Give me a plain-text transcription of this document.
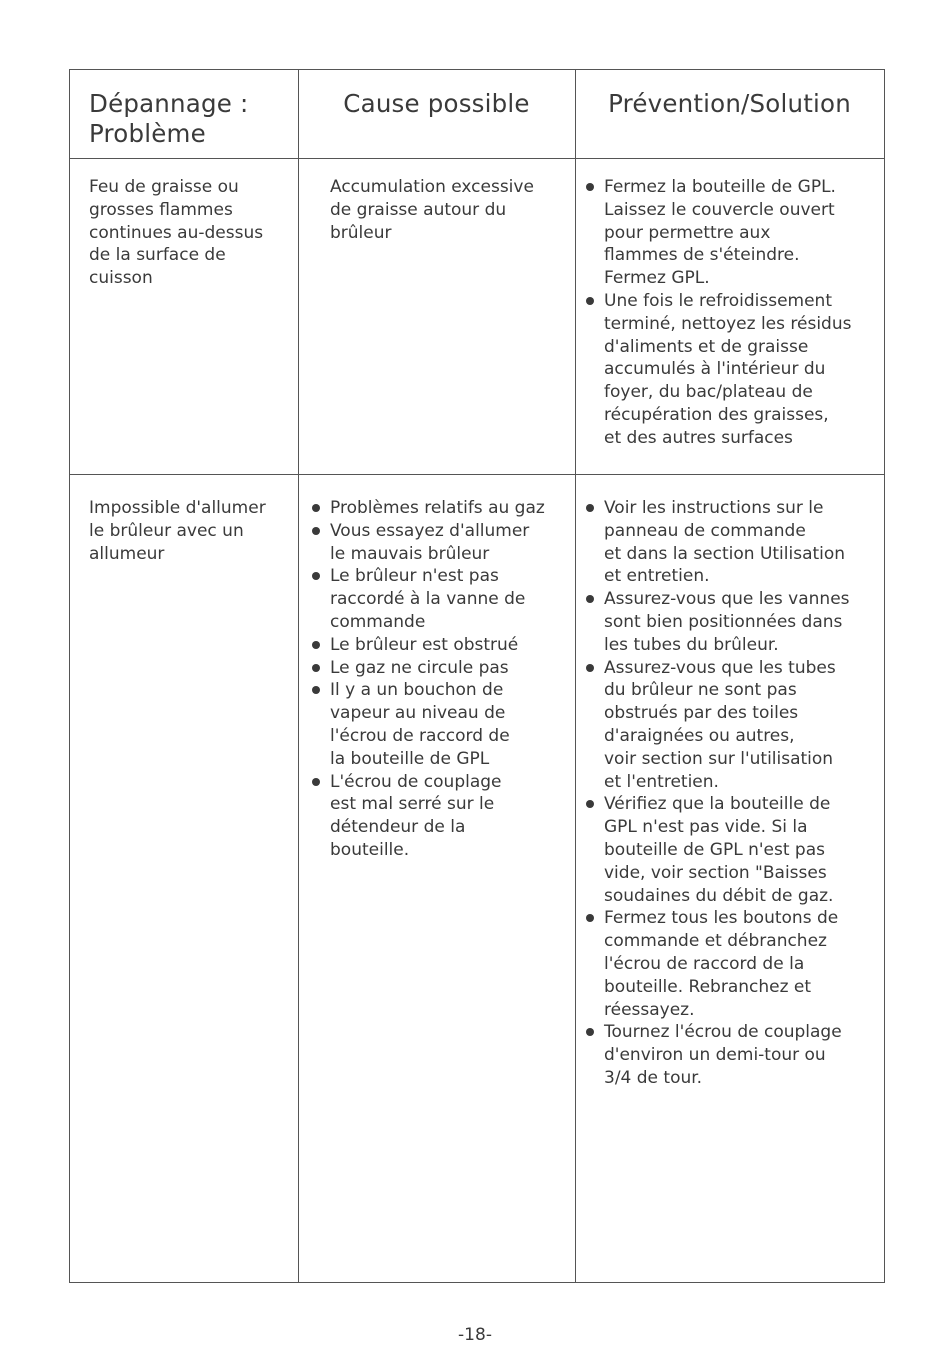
Dépannage :
Problème
Cause possible	Prévention/Solution
Feu de graisse ou
grosses flammes
continues au-dessus
de la surface de
cuisson
Accumulation excessive
de graisse autour du
brûleur
Fermez la bouteille de GPL.
Laissez le couvercle ouvert
pour permettre aux
flammes de s'éteindre.
Fermez GPL.
Une fois le refroidissement
terminé, nettoyez les résidus
d'aliments et de graisse
accumulés à l'intérieur du
foyer, du bac/plateau de
récupération des graisses,
et des autres surfaces
Impossible d'allumer
le brûleur avec un
allumeur
Problèmes relatifs au gaz
Vous essayez d'allumer
le mauvais brûleur
Le brûleur n'est pas
raccordé à la vanne de
commande
Le brûleur est obstrué
Le gaz ne circule pas
Il y a un bouchon de
vapeur au niveau de
l'écrou de raccord de
la bouteille de GPL
L'écrou de couplage
est mal serré sur le
détendeur de la
bouteille.
Voir les instructions sur le
panneau de commande
et dans la section Utilisation
et entretien.
Assurez-vous que les vannes
sont bien positionnées dans
les tubes du brûleur.
Assurez-vous que les tubes
du brûleur ne sont pas
obstrués par des toiles
d'araignées ou autres,
voir section sur l'utilisation
et l'entretien.
Vérifiez que la bouteille de
GPL n'est pas vide. Si la
bouteille de GPL n'est pas
vide, voir section "Baisses
soudaines du débit de gaz.
Fermez tous les boutons de
commande et débranchez
l'écrou de raccord de la
bouteille. Rebranchez et
réessayez.
Tournez l'écrou de couplage
d'environ un demi-tour ou
3/4 de tour.
-18-
